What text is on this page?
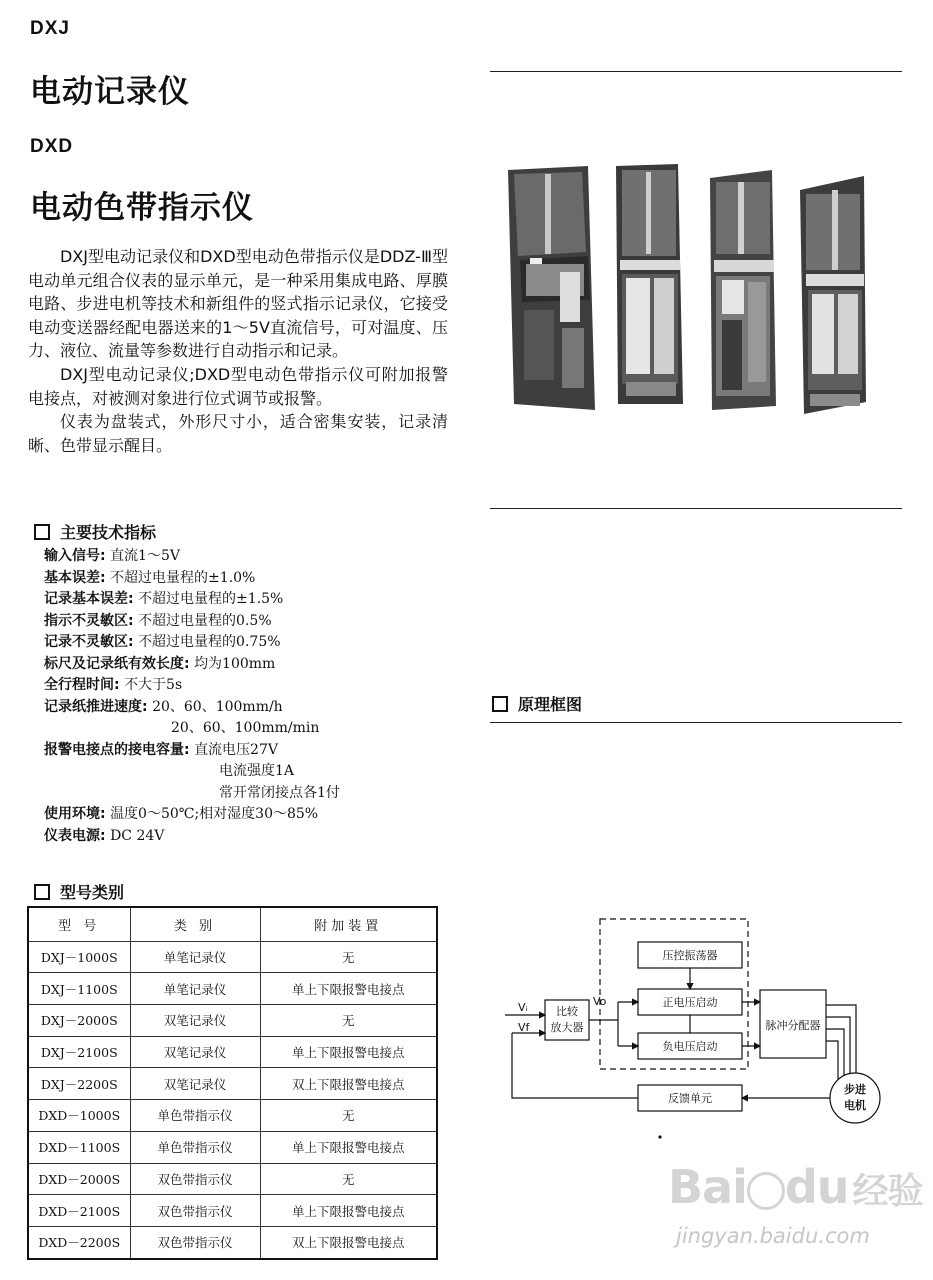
DXJ
电动记录仪
DXD
电动色带指示仪

DXJ型电动记录仪和DXD型电动色带指示仪是DDZ-Ⅲ型电动单元组合仪表的显示单元，是一种采用集成电路、厚膜电路、步进电机等技术和新组件的竖式指示记录仪，它接受电动变送器经配电器送来的1～5V直流信号，可对温度、压力、液位、流量等参数进行自动指示和记录。

DXJ型电动记录仪;DXD型电动色带指示仪可附加报警电接点，对被测对象进行位式调节或报警。

仪表为盘装式，外形尺寸小，适合密集安装，记录清晰、色带显示醒目。

主要技术指标
输入信号: 直流1～5V
基本误差: 不超过电量程的±1.0%
记录基本误差: 不超过电量程的±1.5%
指示不灵敏区: 不超过电量程的0.5%
记录不灵敏区: 不超过电量程的0.75%
标尺及记录纸有效长度: 均为100mm
全行程时间: 不大于5s
记录纸推进速度: 20、60、100mm/h
20、60、100mm/min
报警电接点的接电容量: 直流电压27V
电流强度1A
常开常闭接点各1付
使用环境: 温度0～50℃;相对湿度30～85%
仪表电源: DC 24V
型号类别
型 号	类 别	附加装置
DXJ－1000S	单笔记录仪	无
DXJ－1100S	单笔记录仪	单上下限报警电接点
DXJ－2000S	双笔记录仪	无
DXJ－2100S	双笔记录仪	单上下限报警电接点
DXJ－2200S	双笔记录仪	双上下限报警电接点
DXD－1000S	单色带指示仪	无
DXD－1100S	单色带指示仪	单上下限报警电接点
DXD－2000S	双色带指示仪	无
DXD－2100S	双色带指示仪	单上下限报警电接点
DXD－2200S	双色带指示仪	双上下限报警电接点
原理框图
比较
放大器
压控振荡器
正电压启动
负电压启动
脉冲分配器
反馈单元
步进
电机
Vᵢ
Vf
Vo
Bai du 经验
jingyan.baidu.com
